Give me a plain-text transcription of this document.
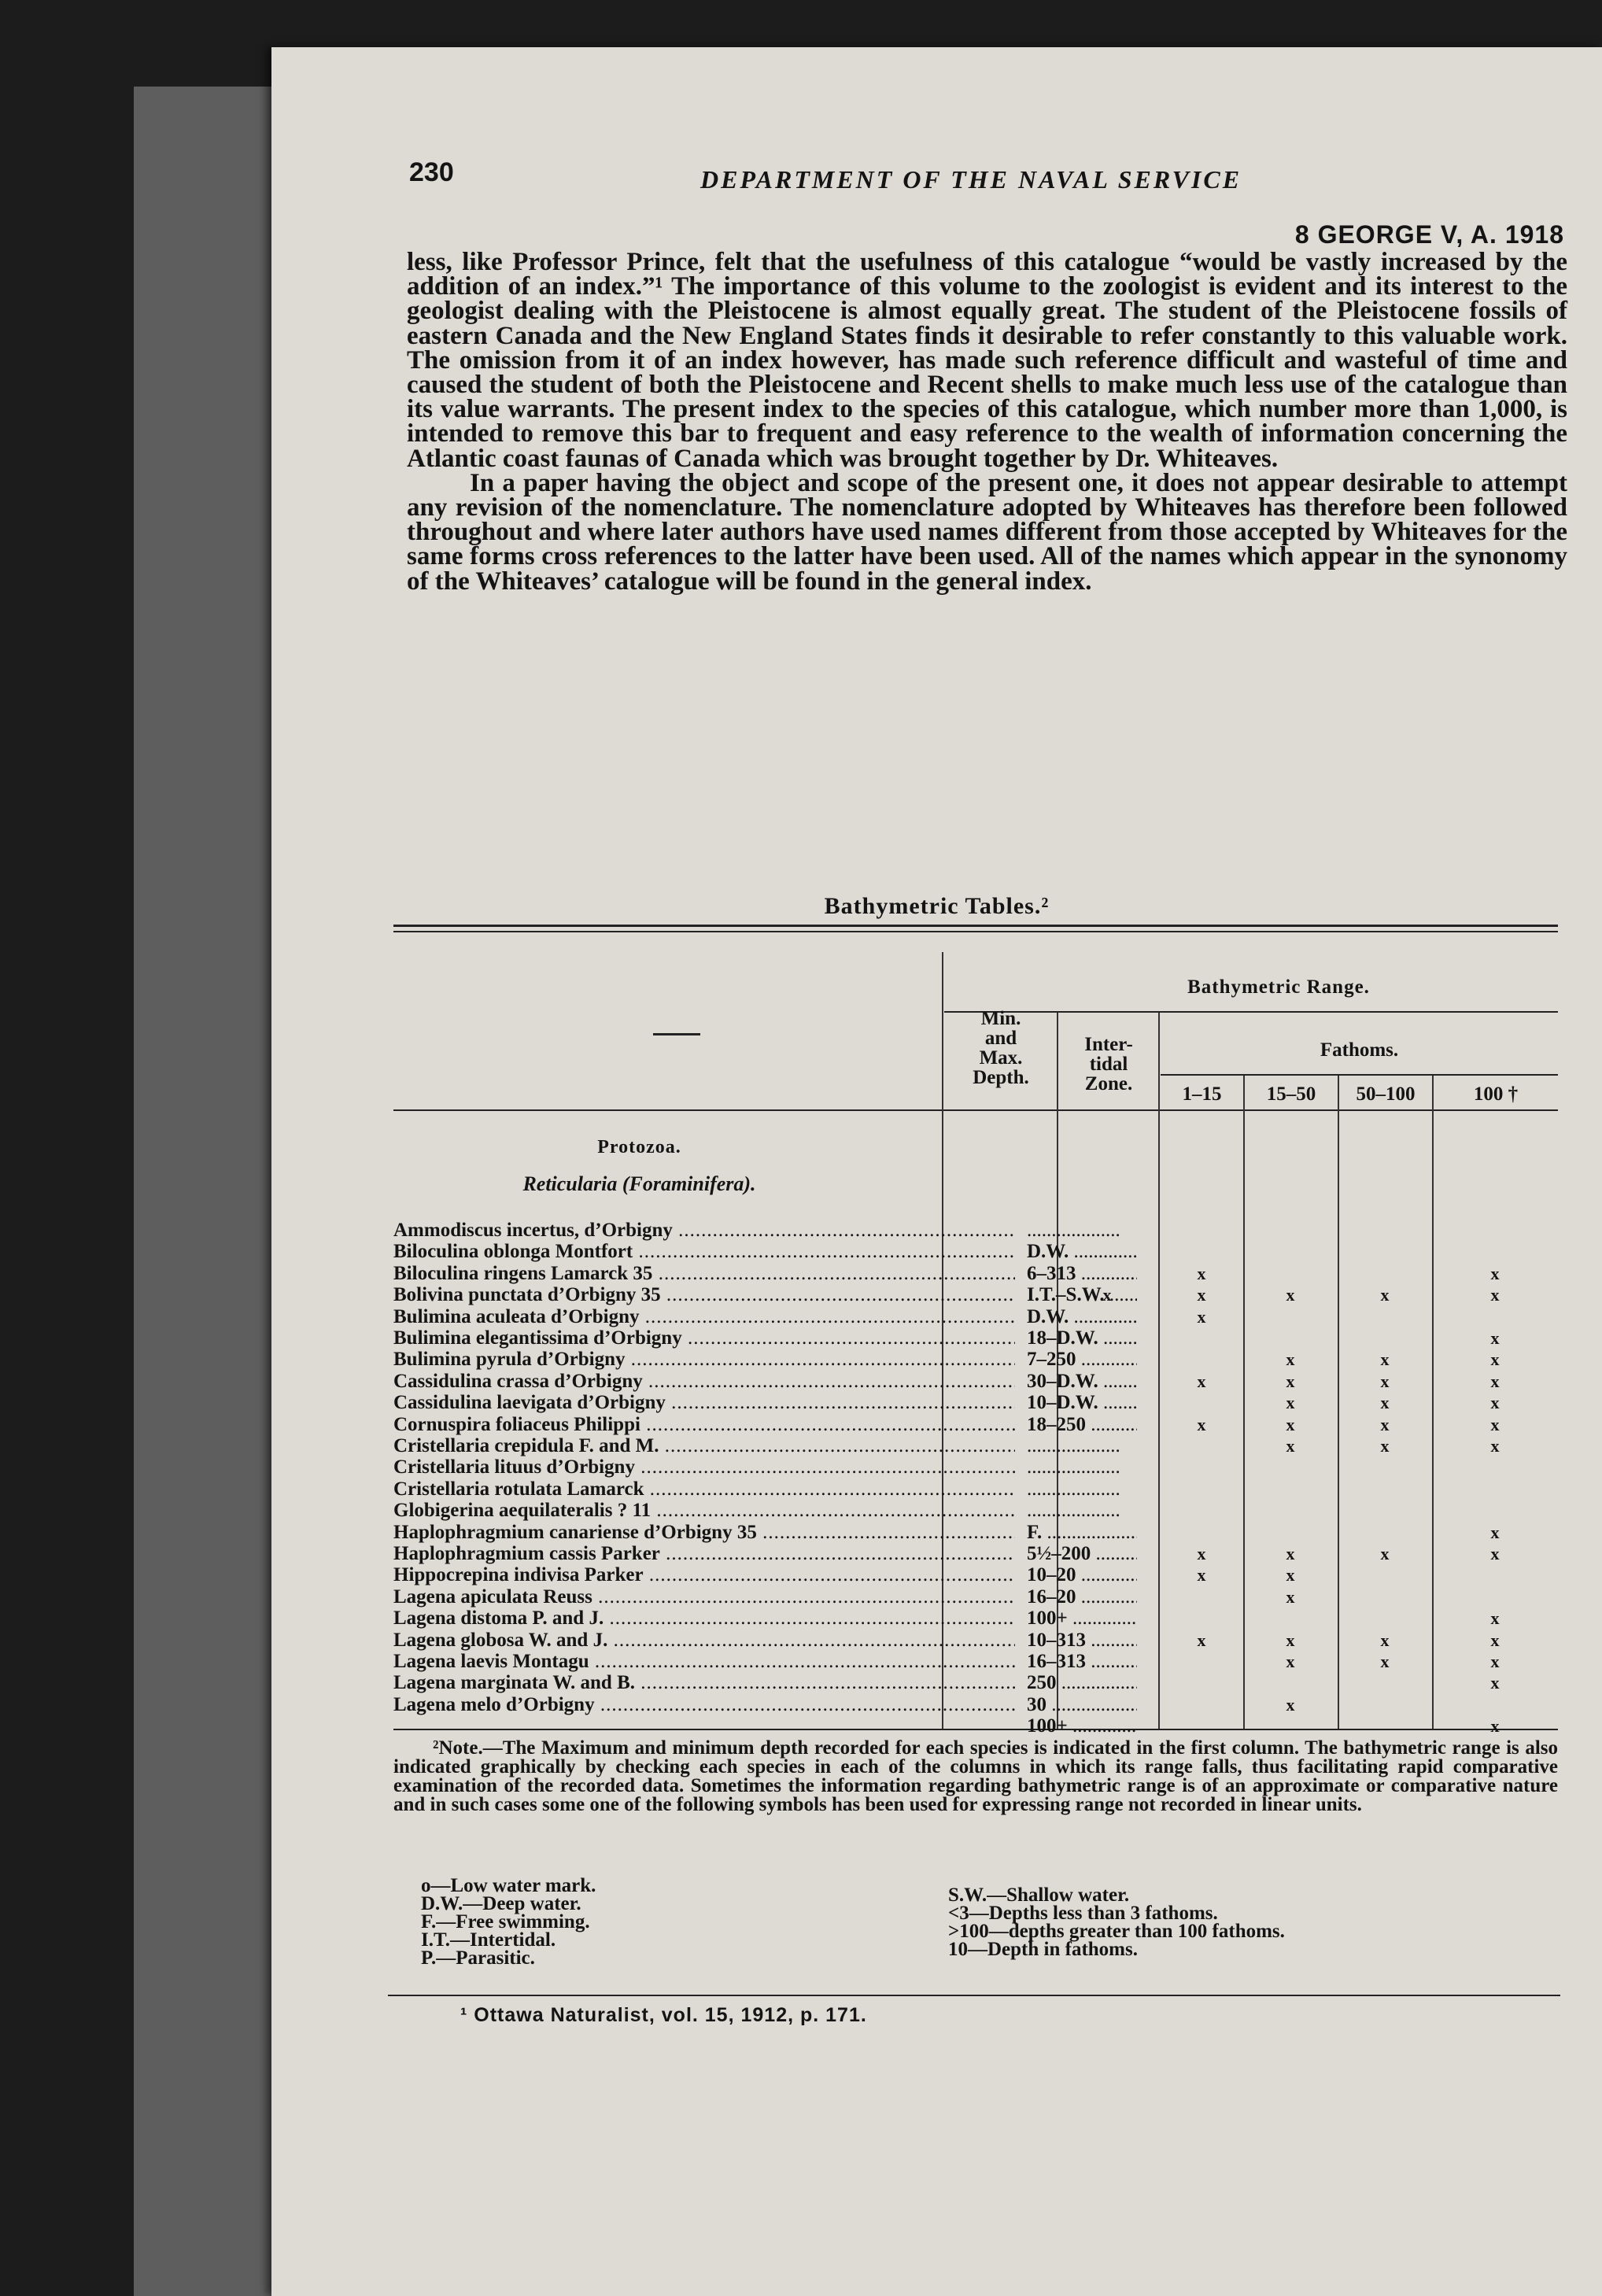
230	DEPARTMENT OF THE NAVAL SERVICE
8 GEORGE V, A. 1918

less, like Professor Prince, felt that the usefulness of this catalogue “would be vastly increased by the addition of an index.”¹ The importance of this volume to the zoologist is evident and its interest to the geologist dealing with the Pleistocene is almost equally great. The student of the Pleistocene fossils of eastern Canada and the New England States finds it desirable to refer constantly to this valuable work. The omission from it of an index however, has made such reference difficult and wasteful of time and caused the student of both the Pleistocene and Recent shells to make much less use of the catalogue than its value warrants. The present index to the species of this catalogue, which number more than 1,000, is intended to remove this bar to frequent and easy reference to the wealth of information concerning the Atlantic coast faunas of Canada which was brought together by Dr. Whiteaves.

In a paper having the object and scope of the present one, it does not appear desirable to attempt any revision of the nomenclature. The nomenclature adopted by Whiteaves has therefore been followed throughout and where later authors have used names different from those accepted by Whiteaves for the same forms cross references to the latter have been used. All of the names which appear in the synonomy of the Whiteaves’ catalogue will be found in the general index.

Bathymetric Tables.²
Bathymetric Range.
Min.
and
Max.
Depth.
Inter-
tidal
Zone.
Fathoms.
1–15	15–50	50–100	100 †
Protozoa.
Reticularia (Foraminifera).
Ammodiscus incertus, d’Orbigny .....
.....
Biloculina oblonga Montfort .....	D.W. .....
Biloculina ringens Lamarck 35 .....	6–313 .....	x	x
Bolivina punctata d’Orbigny 35 .....	I.T.–S.W. .....
x	x	x	x	x
Bulimina aculeata d’Orbigny .....	D.W. .....	x
Bulimina elegantissima d’Orbigny .....	18–D.W. .....	x
Bulimina pyrula d’Orbigny .....	7–250 .....	x	x	x
Cassidulina crassa d’Orbigny .....	30–D.W. .....	x	x	x	x
Cassidulina laevigata d’Orbigny .....	10–D.W. .....	x	x	x
Cornuspira foliaceus Philippi .....	18–250 .....	x	x	x	x
Cristellaria crepidula F. and M. .....
.....	x	x	x
Cristellaria lituus d’Orbigny .....
.....
Cristellaria rotulata Lamarck .....
.....
Globigerina aequilateralis ? 11 .....
.....
Haplophragmium canariense d’Orbigny 35 .....	F. .....	x
Haplophragmium cassis Parker .....	5½–200 .....	x	x	x	x
Hippocrepina indivisa Parker .....	10–20 .....	x	x
Lagena apiculata Reuss .....	16–20 .....	x
Lagena distoma P. and J. .....	100+ .....	x
Lagena globosa W. and J. .....	10–313 .....	x	x	x	x
Lagena laevis Montagu .....	16–313 .....	x	x	x
Lagena marginata W. and B. .....	250 .....	x
Lagena melo d’Orbigny .....	30 .....	x
100+ .....	x
²Note.—The Maximum and minimum depth recorded for each species is indicated in the first column. The bathymetric range is also indicated graphically by checking each species in each of the columns in which its range falls, thus facilitating rapid comparative examination of the recorded data. Sometimes the information regarding bathymetric range is of an approximate or comparative nature and in such cases some one of the following symbols has been used for expressing range not recorded in linear units.
o—Low water mark.
D.W.—Deep water.
F.—Free swimming.
I.T.—Intertidal.
P.—Parasitic.
S.W.—Shallow water.
<3—Depths less than 3 fathoms.
>100—depths greater than 100 fathoms.
10—Depth in fathoms.
¹ Ottawa Naturalist, vol. 15, 1912, p. 171.
